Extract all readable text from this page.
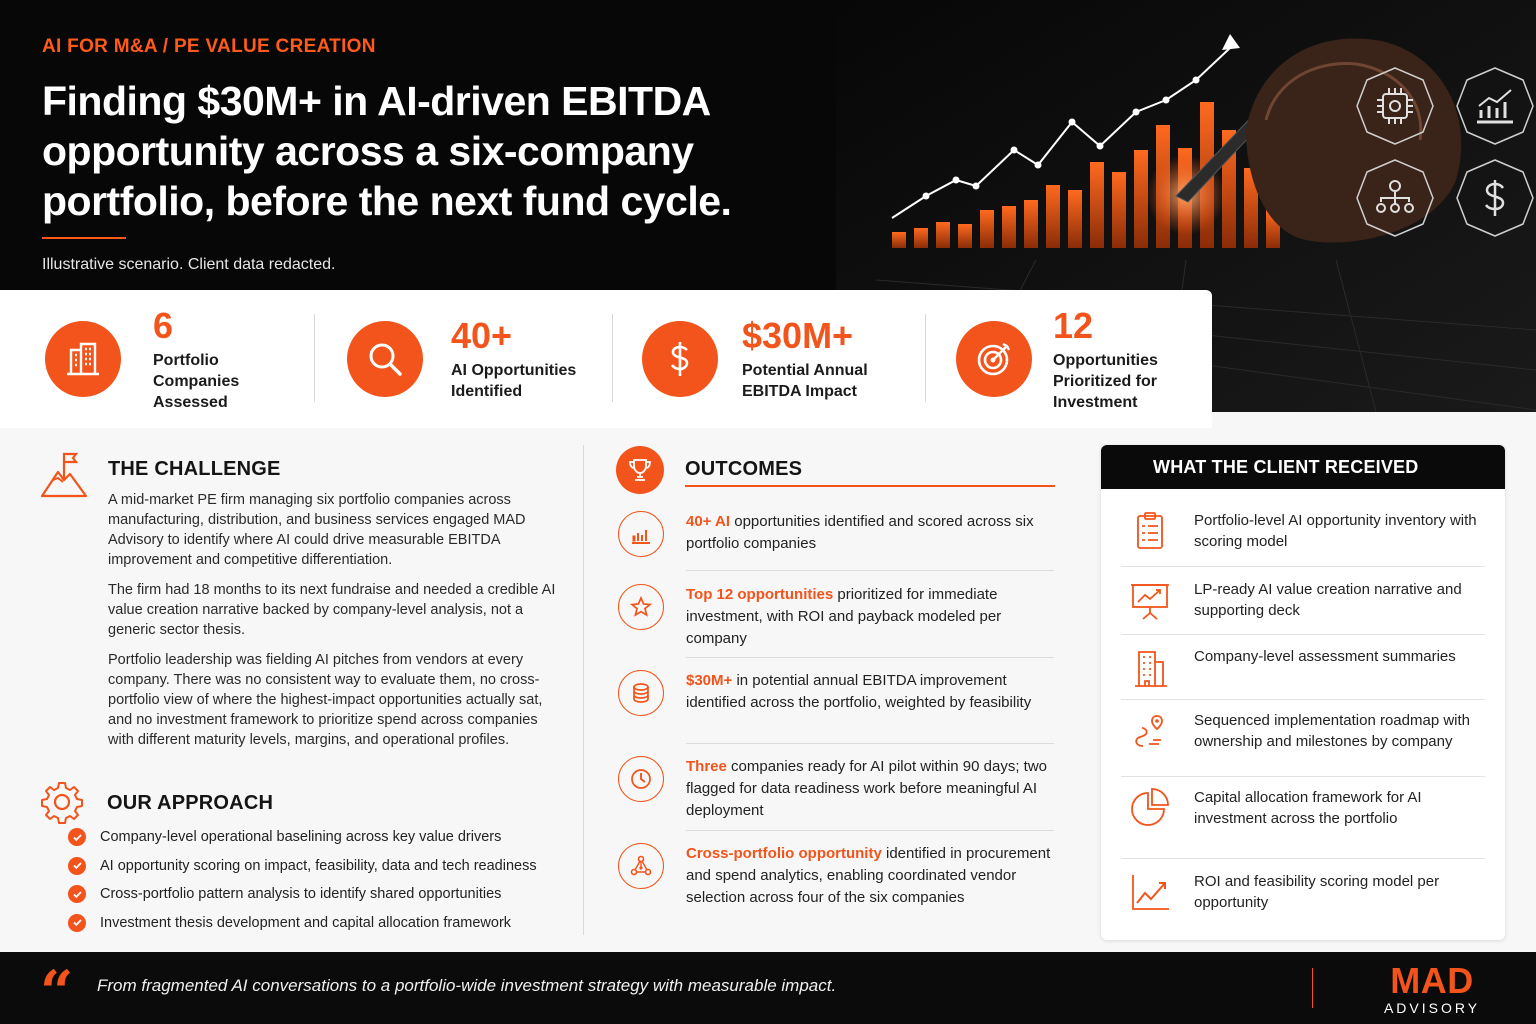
AI FOR M&A / PE VALUE CREATION
Finding $30M+ in AI-driven EBITDA opportunity across a six-company portfolio, before the next fund cycle.
Illustrative scenario. Client data redacted.
6
Portfolio Companies Assessed
40+
AI Opportunities Identified
$30M+
Potential Annual EBITDA Impact
12
Opportunities Prioritized for Investment
THE CHALLENGE

A mid-market PE firm managing six portfolio companies across manufacturing, distribution, and business services engaged MAD Advisory to identify where AI could drive measurable EBITDA improvement and competitive differentiation.

The firm had 18 months to its next fundraise and needed a credible AI value creation narrative backed by company-level analysis, not a generic sector thesis.

Portfolio leadership was fielding AI pitches from vendors at every company. There was no consistent way to evaluate them, no cross-portfolio view of where the highest-impact opportunities actually sat, and no investment framework to prioritize spend across companies with different maturity levels, margins, and operational profiles.

OUR APPROACH
Company-level operational baselining across key value drivers
AI opportunity scoring on impact, feasibility, data and tech readiness
Cross-portfolio pattern analysis to identify shared opportunities
Investment thesis development and capital allocation framework
OUTCOMES
40+ AI opportunities identified and scored across six portfolio companies
Top 12 opportunities prioritized for immediate investment, with ROI and payback modeled per company
$30M+ in potential annual EBITDA improvement identified across the portfolio, weighted by feasibility
Three companies ready for AI pilot within 90 days; two flagged for data readiness work before meaningful AI deployment
Cross-portfolio opportunity identified in procurement and spend analytics, enabling coordinated vendor selection across four of the six companies
WHAT THE CLIENT RECEIVED
Portfolio-level AI opportunity inventory with scoring model
LP-ready AI value creation narrative and supporting deck
Company-level assessment summaries
Sequenced implementation roadmap with ownership and milestones by company
Capital allocation framework for AI investment across the portfolio
ROI and feasibility scoring model per opportunity
“ From fragmented AI conversations to a portfolio-wide investment strategy with measurable impact.	MAD
ADVISORY
